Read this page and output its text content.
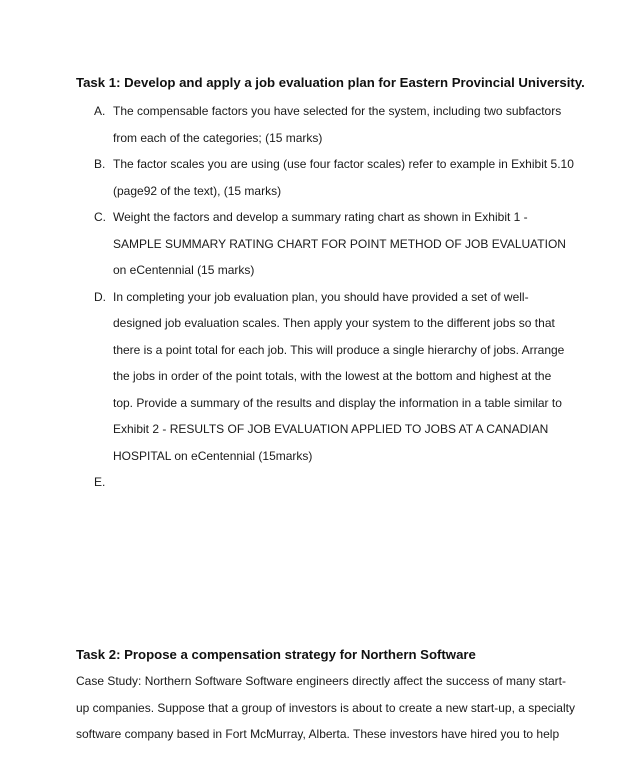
Task 1: Develop and apply a job evaluation plan for Eastern Provincial University.
A. The compensable factors you have selected for the system, including two subfactors from each of the categories; (15 marks)
B. The factor scales you are using (use four factor scales) refer to example in Exhibit 5.10 (page92 of the text), (15 marks)
C. Weight the factors and develop a summary rating chart as shown in Exhibit 1 - SAMPLE SUMMARY RATING CHART FOR POINT METHOD OF JOB EVALUATION on eCentennial (15 marks)
D. In completing your job evaluation plan, you should have provided a set of well-designed job evaluation scales. Then apply your system to the different jobs so that there is a point total for each job. This will produce a single hierarchy of jobs. Arrange the jobs in order of the point totals, with the lowest at the bottom and highest at the top. Provide a summary of the results and display the information in a table similar to Exhibit 2 - RESULTS OF JOB EVALUATION APPLIED TO JOBS AT A CANADIAN HOSPITAL on eCentennial (15marks)
E.

Task 2: Propose a compensation strategy for Northern Software

Case Study: Northern Software Software engineers directly affect the success of many start-up companies. Suppose that a group of investors is about to create a new start-up, a specialty software company based in Fort McMurray, Alberta. These investors have hired you to help
